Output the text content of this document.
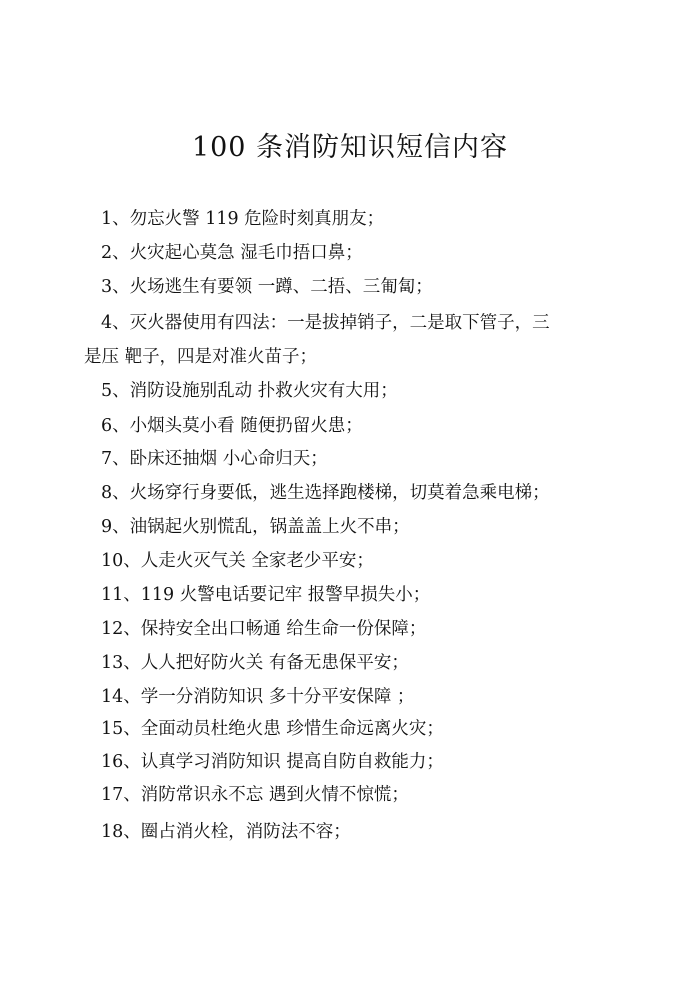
100 条消防知识短信内容
1、勿忘火警 119 危险时刻真朋友；
2、火灾起心莫急 湿毛巾捂口鼻；
3、火场逃生有要领 一蹲、二捂、三匍匐；
4、灭火器使用有四法：一是拔掉销子，二是取下管子，三
是压 靶子，四是对准火苗子；
5、消防设施别乱动 扑救火灾有大用；
6、小烟头莫小看 随便扔留火患；
7、卧床还抽烟 小心命归天；
8、火场穿行身要低，逃生选择跑楼梯，切莫着急乘电梯；
9、油锅起火别慌乱，锅盖盖上火不串；
10、人走火灭气关 全家老少平安；
11、119 火警电话要记牢 报警早损失小；
12、保持安全出口畅通 给生命一份保障；
13、人人把好防火关 有备无患保平安；
14、学一分消防知识 多十分平安保障 ；
15、全面动员杜绝火患 珍惜生命远离火灾；
16、认真学习消防知识 提高自防自救能力；
17、消防常识永不忘 遇到火情不惊慌；
18、圈占消火栓，消防法不容；
